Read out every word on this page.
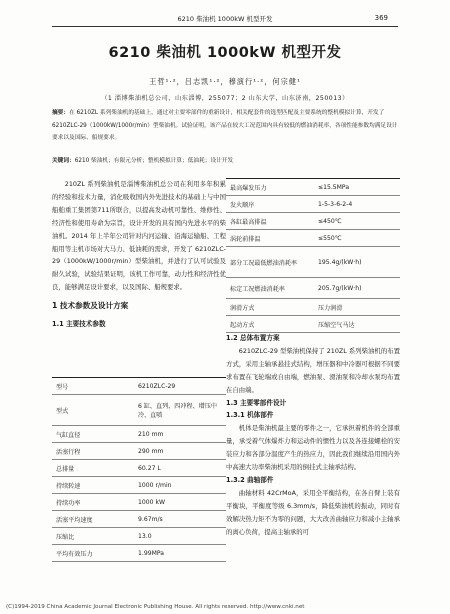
6210 柴油机 1000kW 机型开发	369
6210 柴油机 1000kW 机型开发
王哲¹·²，吕志凯¹·²，穆演行¹·²，何宗健¹
（1 淄博柴油机总公司，山东淄博，255077；2 山东大学，山东济南，250013）
摘要：在 6210ZL 系列柴油机的基础上，通过对主要零部件的重新设计，相关配套件的选型匹配及主要系统的整机模拟计算，开发了 6210ZLC-29（1000kW/1000r/min）型柴油机。试验证明，该产品在较大工况范围内具有较低的燃油消耗率，各项性能参数均满足设计要求以及国际、船规要求。
关键词：6210 柴油机；有限元分析；整机模拟计算；低油耗；设计开发

210ZL 系列柴油机是淄博柴油机总公司在利用多年积累的经验和技术力量，消化吸收国内外先进技术的基础上与中国船舶重工集团第711所联合，以提高发动机可靠性、维修性、经济性和使用寿命为宗旨，设计开发的具有国内先进水平的柴油机。2014 年上半年公司针对内河运输、沿海运输船、工程船用等主机市场对大马力、低油耗的需求，开发了 6210ZLC-29（1000kW/1000r/min）型柴油机，并进行了认可试验及耐久试验，试验结果证明，该机工作可靠，动力性和经济性优良，能够满足设计要求，以及国际、船规要求。

1 技术参数及设计方案
1.1 主要技术参数
型号	6210ZLC-29
型式	6 缸、直列、四冲程、增压中冷、直喷
气缸直径	210 mm
活塞行程	290 mm
总排量	60.27 L
持续转速	1000 r/min
持续功率	1000 kW
活塞平均速度	9.67m/s
压缩比	13.0
平均有效压力	1.99MPa
最高爆发压力	≤15.5MPa
发火顺序	1-5-3-6-2-4
各缸最高排温	≤450℃
涡轮前排温	≤550℃
部分工况最低燃油消耗率	195.4g/(kW·h)
标定工况燃油消耗率	205.7g/(kW·h)
润滑方式	压力润滑
起动方式	压缩空气马达
1.2 总体布置方案

6210ZLC-29 型柴油机保持了 210ZL 系列柴油机的布置方式，采用主轴承悬挂式结构，增压器和中冷器可根据不同要求布置在飞轮端或自由端，燃油泵、滑油泵和冷却水泵均布置在自由端。

1.3 主要零部件设计
1.3.1 机体部件

机体是柴油机最主要的零件之一，它承担着机件的全部重量，承受着气体爆炸力和运动件的惯性力以及各连接螺栓的安装应力和各部分温度产生的热应力，因此我们继续沿用国内外中高速大功率柴油机采用的倒挂式主轴承结构。

1.3.2 曲轴部件

曲轴材料 42CrMoA，采用全平衡结构，在各自臂上装有平衡块，平衡度等级 6.3mm/s，降低柴油机的振动，同时有效解决热力矩不为零的问题，大大改善曲轴应力和减小主轴承的离心负荷，提高主轴承的可

(C)1994-2019 China Academic Journal Electronic Publishing House. All rights reserved. http://www.cnki.net
